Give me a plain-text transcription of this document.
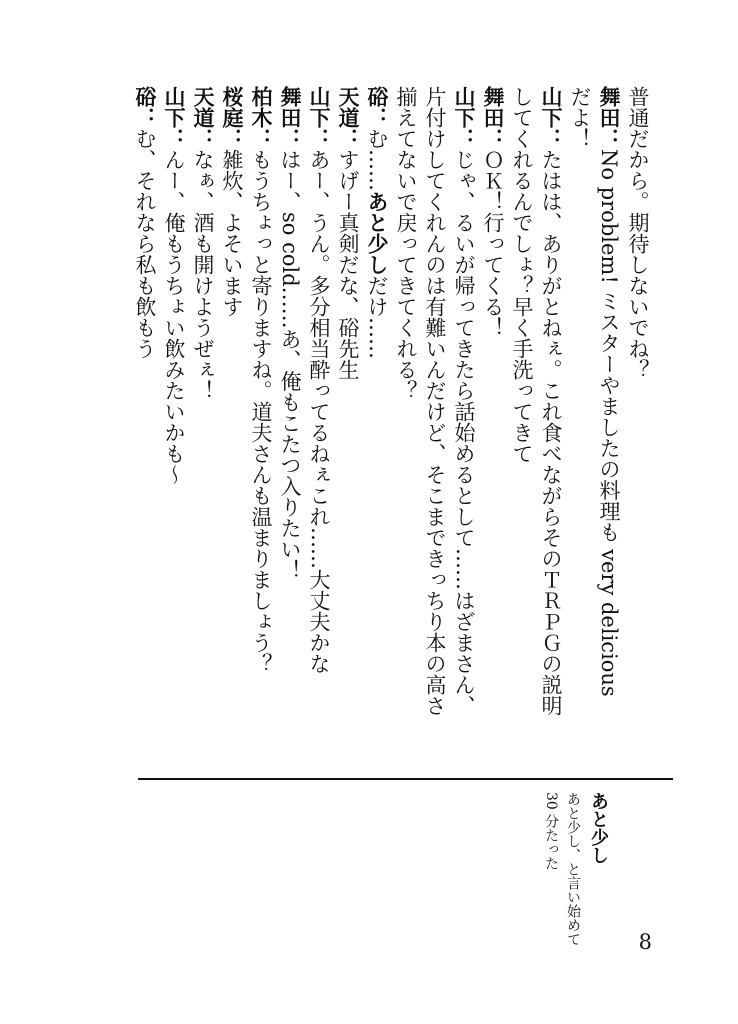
普通だから。期待しないでね？
舞田：No problem! ミスターやましたの料理も very delicious
だよ！
山下：たはは、ありがとねぇ。これ食べながらそのＴＲＰＧの説明
してくれるんでしょ？早く手洗ってきて
舞田：ＯＫ！行ってくる！
山下：じゃ、るいが帰ってきたら話始めるとして……はざまさん、
片付けしてくれんのは有難いんだけど、そこまできっちり本の高さ
揃えてないで戻ってきてくれる？
硲：む……あと少しだけ……
天道：すげー真剣だな、硲先生
山下：あー、うん。多分相当酔ってるねぇこれ……大丈夫かな
舞田：はー、so cold……あ、俺もこたつ入りたい！
柏木：もうちょっと寄りますね。道夫さんも温まりましょう？
桜庭：雑炊、よそいます
天道：なぁ、酒も開けようぜぇ！
山下：んー、俺もうちょい飲みたいかも〜
硲：む、それなら私も飲もう
あと少し
あと少し、と言い始めて
30 分たった
8
